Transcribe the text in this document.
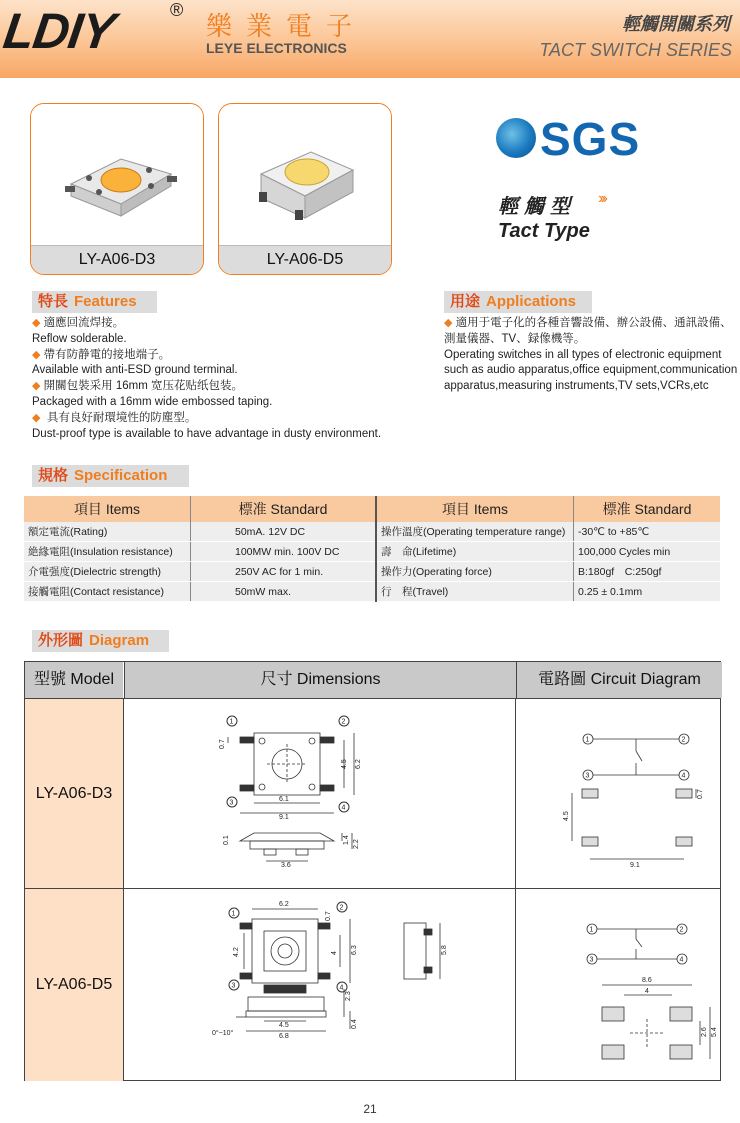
LDIY	®
樂業電子
LEYE ELECTRONICS
輕觸開關系列
TACT SWITCH SERIES
LY-A06-D3	LY-A06-D5
SGS
輕觸型 ›››
Tact Type
特長 Features
◆ 適應回流焊接。
Reflow solderable.
◆ 帶有防静電的接地端子。
Available with anti-ESD ground terminal.
◆ 開關包裝采用 16mm 宽压花贴纸包装。
Packaged with a 16mm wide embossed taping.
◆ 具有良好耐環境性的防塵型。
Dust-proof type is available to have advantage in dusty environment.
用途 Applications
◆ 適用于電子化的各種音響設備、辦公設備、通訊設備、
測量儀器、TV、録像機等。
Operating switches in all types of electronic equipment
such as audio apparatus,office equipment,communication
apparatus,measuring instruments,TV sets,VCRs,etc
規格 Specification
項目 Items	標准 Standard	項目 Items	標准 Standard
額定電流(Rating)	50mA. 12V DC	操作溫度(Operating temperature range)	-30℃ to +85℃
絶緣電阻(Insulation resistance)	100MW min. 100V DC	壽　命(Lifetime)	100,000 Cycles min
介電强度(Dielectric strength)	250V AC for 1 min.	操作力(Operating force)	B:180gf　C:250gf
接觸電阻(Contact resistance)	50mW max.	行　程(Travel)	0.25 ± 0.1mm
外形圖 Diagram
型號 Model	尺寸 Dimensions	電路圖 Circuit Diagram
LY-A06-D3
LY-A06-D5
1	2
3
4
6.1
9.1
4.5 6.2
0.7
3.6
1.4 2.2
0.1
1	2
3	4
9.1
4.5
0.7
1
2
3	4
6.2
0.7
4.2	4 6.3	5.8
4.5
6.8
2.3
0.4
0°~10°
1	2
3	4
8.6
4
2.6 5.4
21
